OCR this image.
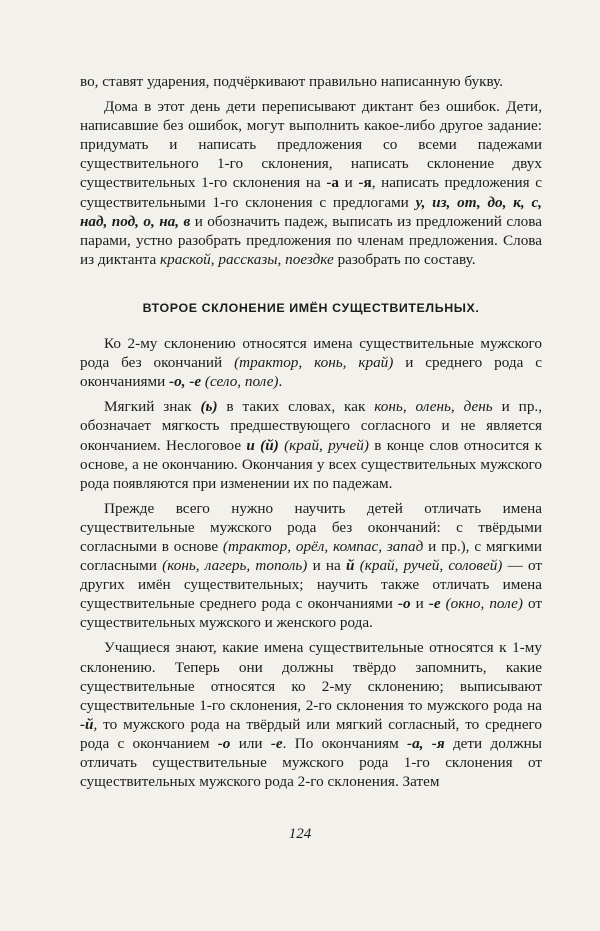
во, ставят ударения, подчёркивают правильно написанную букву.

Дома в этот день дети переписывают диктант без ошибок. Дети, написавшие без ошибок, могут выполнить какое-либо другое задание: придумать и написать предложения со всеми падежами существительного 1-го склонения, написать склонение двух существительных 1-го склонения на -а и -я, написать предложения с существительными 1-го склонения с предлогами у, из, от, до, к, с, над, под, о, на, в и обозначить падеж, выписать из предложений слова парами, устно разобрать предложения по членам предложения. Слова из диктанта краской, рассказы, поездке разобрать по составу.

ВТОРОЕ СКЛОНЕНИЕ ИМЁН СУЩЕСТВИТЕЛЬНЫХ.

Ко 2-му склонению относятся имена существительные мужского рода без окончаний (трактор, конь, край) и среднего рода с окончаниями -о, -е (село, поле).

Мягкий знак (ь) в таких словах, как конь, олень, день и пр., обозначает мягкость предшествующего согласного и не является окончанием. Неслоговое и (й) (край, ручей) в конце слов относится к основе, а не окончанию. Окончания у всех существительных мужского рода появляются при изменении их по падежам.

Прежде всего нужно научить детей отличать имена существительные мужского рода без окончаний: с твёрдыми согласными в основе (трактор, орёл, компас, запад и пр.), с мягкими согласными (конь, лагерь, тополь) и на й (край, ручей, соловей) — от других имён существительных; научить также отличать имена существительные среднего рода с окончаниями -о и -е (окно, поле) от существительных мужского и женского рода.

Учащиеся знают, какие имена существительные относятся к 1-му склонению. Теперь они должны твёрдо запомнить, какие существительные относятся ко 2-му склонению; выписывают существительные 1-го склонения, 2-го склонения то мужского рода на -й, то мужского рода на твёрдый или мягкий согласный, то среднего рода с окончанием -о или -е. По окончаниям -а, -я дети должны отличать существительные мужского рода 1-го склонения от существительных мужского рода 2-го склонения. Затем

124
